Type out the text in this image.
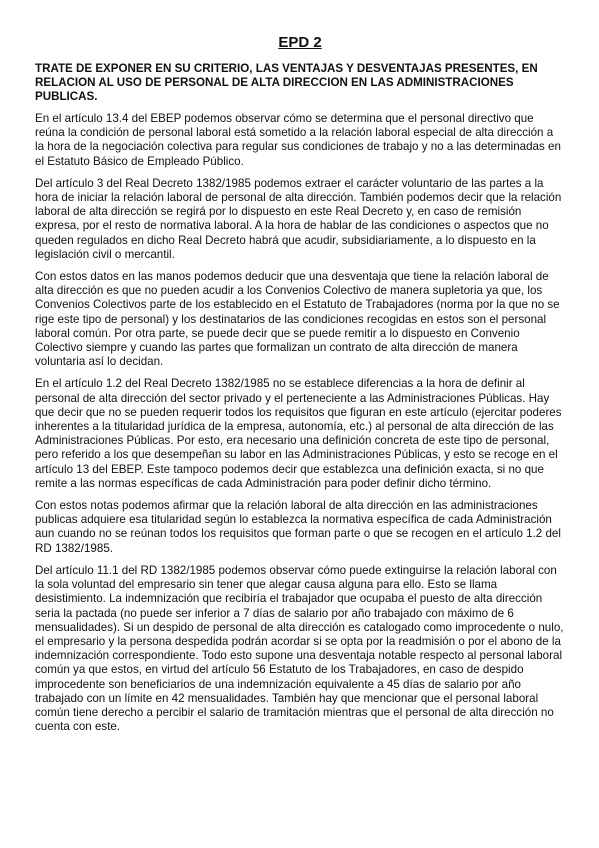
EPD 2

TRATE DE EXPONER EN SU CRITERIO, LAS VENTAJAS Y DESVENTAJAS PRESENTES, EN RELACION AL USO DE PERSONAL DE ALTA DIRECCION EN LAS ADMINISTRACIONES PUBLICAS.

En el artículo 13.4 del EBEP podemos observar cómo se determina que el personal directivo que reúna la condición de personal laboral está sometido a la relación laboral especial de alta dirección a la hora de la negociación colectiva para regular sus condiciones de trabajo y no a las determinadas en el Estatuto Básico de Empleado Público.

Del artículo 3 del Real Decreto 1382/1985 podemos extraer el carácter voluntario de las partes a la hora de iniciar la relación laboral de personal de alta dirección. También podemos decir que la relación laboral de alta dirección se regirá por lo dispuesto en este Real Decreto y, en caso de remisión expresa, por el resto de normativa laboral. A la hora de hablar de las condiciones o aspectos que no queden regulados en dicho Real Decreto habrá que acudir, subsidiariamente, a lo dispuesto en la legislación civil o mercantil.

Con estos datos en las manos podemos deducir que una desventaja que tiene la relación laboral de alta dirección es que no pueden acudir a los Convenios Colectivo de manera supletoria ya que, los Convenios Colectivos parte de los establecido en el Estatuto de Trabajadores (norma por la que no se rige este tipo de personal) y los destinatarios de las condiciones recogidas en estos son el personal laboral común. Por otra parte, se puede decir que se puede remitir a lo dispuesto en Convenio Colectivo siempre y cuando las partes que formalizan un contrato de alta dirección de manera voluntaria así lo decidan.

En el artículo 1.2 del Real Decreto 1382/1985 no se establece diferencias a la hora de definir al personal de alta dirección del sector privado y el perteneciente a las Administraciones Públicas. Hay que decir que no se pueden requerir todos los requisitos que figuran en este artículo (ejercitar poderes inherentes a la titularidad jurídica de la empresa, autonomía, etc.) al personal de alta dirección de las Administraciones Públicas. Por esto, era necesario una definición concreta de este tipo de personal, pero referido a los que desempeñan su labor en las Administraciones Públicas, y esto se recoge en el artículo 13 del EBEP. Este tampoco podemos decir que establezca una definición exacta, si no que remite a las normas específicas de cada Administración para poder definir dicho término.

Con estos notas podemos afirmar que la relación laboral de alta dirección en las administraciones publicas adquiere esa titularidad según lo establezca la normativa específica de cada Administración aun cuando no se reúnan todos los requisitos que forman parte o que se recogen en el artículo 1.2 del RD 1382/1985.

Del artículo 11.1 del RD 1382/1985 podemos observar cómo puede extinguirse la relación laboral con la sola voluntad del empresario sin tener que alegar causa alguna para ello. Esto se llama desistimiento. La indemnización que recibiría el trabajador que ocupaba el puesto de alta dirección seria la pactada (no puede ser inferior a 7 días de salario por año trabajado con máximo de 6 mensualidades). Si un despido de personal de alta dirección es catalogado como improcedente o nulo, el empresario y la persona despedida podrán acordar si se opta por la readmisión o por el abono de la indemnización correspondiente. Todo esto supone una desventaja notable respecto al personal laboral común ya que estos, en virtud del artículo 56 Estatuto de los Trabajadores, en caso de despido improcedente son beneficiarios de una indemnización equivalente a 45 días de salario por año trabajado con un límite en 42 mensualidades. También hay que mencionar que el personal laboral común tiene derecho a percibir el salario de tramitación mientras que el personal de alta dirección no cuenta con este.
